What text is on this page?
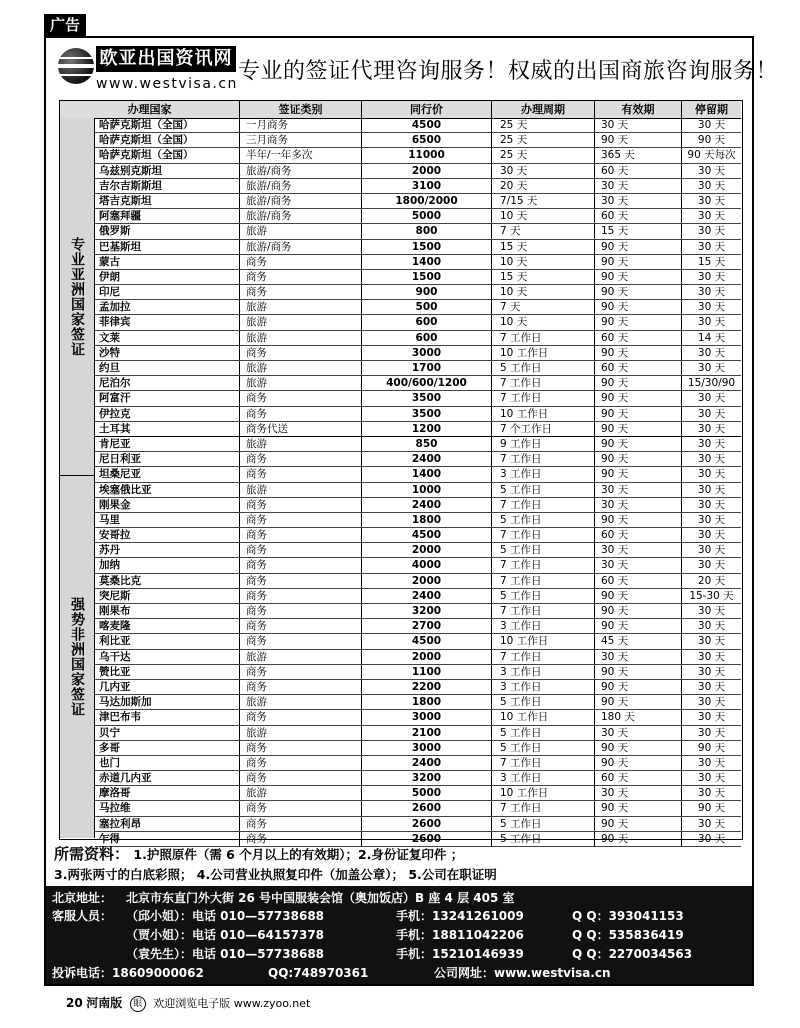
广告
欧亚出国资讯网
www.westvisa.cn 专业的签证代理咨询服务！权威的出国商旅咨询服务！
办理国家	签证类别	同行价	办理周期	有效期	停留期
专业亚洲国家签证
强势非洲国家签证
哈萨克斯坦（全国）	一月商务	4500	25 天	30 天	30 天
哈萨克斯坦（全国）	三月商务	6500	25 天	90 天	90 天
哈萨克斯坦（全国）	半年/一年多次	11000	25 天	365 天	90 天每次
乌兹别克斯坦	旅游/商务	2000	30 天	60 天	30 天
吉尔吉斯斯坦	旅游/商务	3100	20 天	30 天	30 天
塔吉克斯坦	旅游/商务	1800/2000	7/15 天	30 天	30 天
阿塞拜疆	旅游/商务	5000	10 天	60 天	30 天
俄罗斯	旅游	800	7 天	15 天	30 天
巴基斯坦	旅游/商务	1500	15 天	90 天	30 天
蒙古	商务	1400	10 天	90 天	15 天
伊朗	商务	1500	15 天	90 天	30 天
印尼	商务	900	10 天	90 天	30 天
孟加拉	旅游	500	7 天	90 天	30 天
菲律宾	旅游	600	10 天	90 天	30 天
文莱	旅游	600	7 工作日	60 天	14 天
沙特	商务	3000	10 工作日	90 天	30 天
约旦	旅游	1700	5 工作日	60 天	30 天
尼泊尔	旅游	400/600/1200	7 工作日	90 天	15/30/90
阿富汗	商务	3500	7 工作日	90 天	30 天
伊拉克	商务	3500	10 工作日	90 天	30 天
土耳其	商务代送	1200	7 个工作日	90 天	30 天
肯尼亚	旅游	850	9 工作日	90 天	30 天
尼日利亚	商务	2400	7 工作日	90 天	30 天
坦桑尼亚	商务	1400	3 工作日	90 天	30 天
埃塞俄比亚	旅游	1000	5 工作日	30 天	30 天
刚果金	商务	2400	7 工作日	30 天	30 天
马里	商务	1800	5 工作日	90 天	30 天
安哥拉	商务	4500	7 工作日	60 天	30 天
苏丹	商务	2000	5 工作日	30 天	30 天
加纳	商务	4000	7 工作日	30 天	30 天
莫桑比克	商务	2000	7 工作日	60 天	20 天
突尼斯	商务	2400	5 工作日	90 天	15-30 天
刚果布	商务	3200	7 工作日	90 天	30 天
喀麦隆	商务	2700	3 工作日	90 天	30 天
利比亚	商务	4500	10 工作日	45 天	30 天
乌干达	旅游	2000	7 工作日	30 天	30 天
赞比亚	商务	1100	3 工作日	90 天	30 天
几内亚	商务	2200	3 工作日	90 天	30 天
马达加斯加	旅游	1800	5 工作日	90 天	30 天
津巴布韦	商务	3000	10 工作日	180 天	30 天
贝宁	旅游	2100	5 工作日	30 天	30 天
多哥	商务	3000	5 工作日	90 天	90 天
也门	商务	2400	7 工作日	90 天	30 天
赤道几内亚	商务	3200	3 工作日	60 天	30 天
摩洛哥	旅游	5000	10 工作日	30 天	30 天
马拉维	商务	2600	7 工作日	90 天	90 天
塞拉利昂	商务	2600	5 工作日	90 天	30 天
乍得	商务	2600	5 工作日	90 天	30 天
所需资料： 1.护照原件（需 6 个月以上的有效期）；2.身份证复印件 ；
3.两张两寸的白底彩照； 4.公司营业执照复印件（加盖公章）； 5.公司在职证明
北京地址： 北京市东直门外大街 26 号中国服装会馆（奥加饭店）B 座 4 层 405 室
客服人员： （邱小姐）：电话 010—57738688	手机：13241261009	Q Q：393041153
（贾小姐）：电话 010—64157378	手机：18811042206	Q Q：535836419
（袁先生）：电话 010—57738688	手机：15210146939	Q Q：2270034563
投诉电话：18609000062	QQ:748970361	公司网址：www.westvisa.cn
20 河南版 眼 欢迎浏览电子版 www.zyoo.net
